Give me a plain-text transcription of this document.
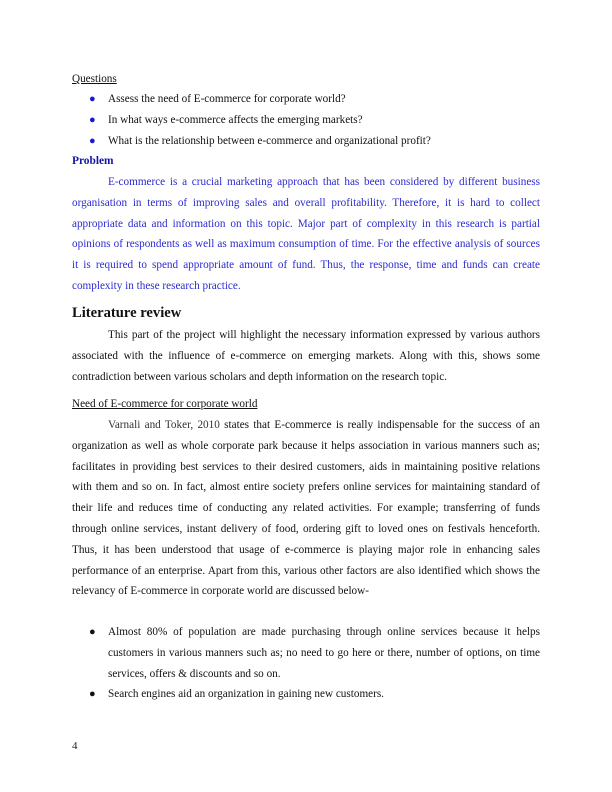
Questions
● Assess the need of E-commerce for corporate world?
● In what ways e-commerce affects the emerging markets?
● What is the relationship between e-commerce and organizational profit?
Problem

E-commerce is a crucial marketing approach that has been considered by different business organisation in terms of improving sales and overall profitability. Therefore, it is hard to collect appropriate data and information on this topic. Major part of complexity in this research is partial opinions of respondents as well as maximum consumption of time. For the effective analysis of sources it is required to spend appropriate amount of fund. Thus, the response, time and funds can create complexity in these research practice.

Literature review

This part of the project will highlight the necessary information expressed by various authors associated with the influence of e-commerce on emerging markets. Along with this, shows some contradiction between various scholars and depth information on the research topic.

Need of E-commerce for corporate world

Varnali and Toker, 2010 states that E-commerce is really indispensable for the success of an organization as well as whole corporate park because it helps association in various manners such as; facilitates in providing best services to their desired customers, aids in maintaining positive relations with them and so on. In fact, almost entire society prefers online services for maintaining standard of their life and reduces time of conducting any related activities. For example; transferring of funds through online services, instant delivery of food, ordering gift to loved ones on festivals henceforth. Thus, it has been understood that usage of e-commerce is playing major role in enhancing sales performance of an enterprise. Apart from this, various other factors are also identified which shows the relevancy of E-commerce in corporate world are discussed below-

● Almost 80% of population are made purchasing through online services because it helps customers in various manners such as; no need to go here or there, number of options, on time services, offers & discounts and so on.
● Search engines aid an organization in gaining new customers.
4
